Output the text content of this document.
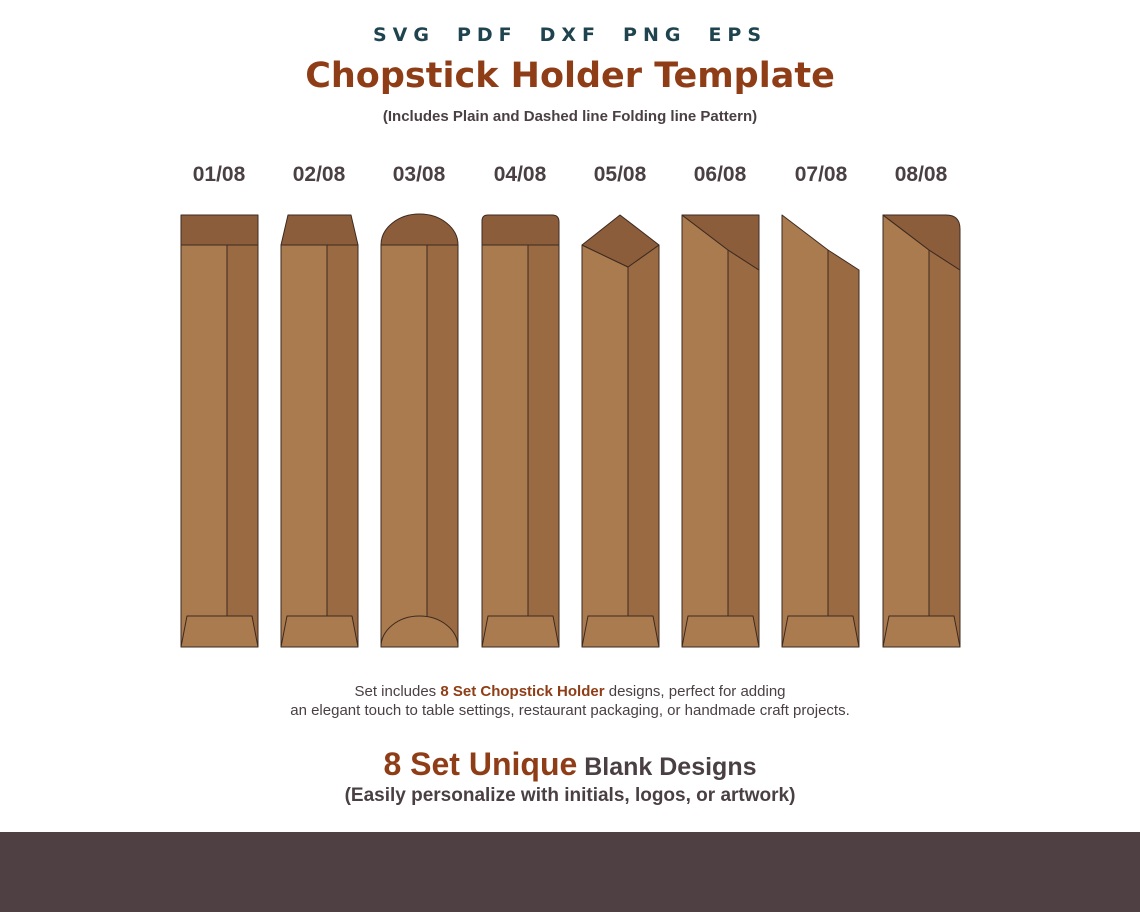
SVG PDF DXF PNG EPS
Chopstick Holder Template
(Includes Plain and Dashed line Folding line Pattern)
01/08	02/08	03/08	04/08	05/08	06/08	07/08	08/08
Set includes 8 Set Chopstick Holder designs, perfect for adding
an elegant touch to table settings, restaurant packaging, or handmade craft projects.
8 Set Unique Blank Designs
(Easily personalize with initials, logos, or artwork)
